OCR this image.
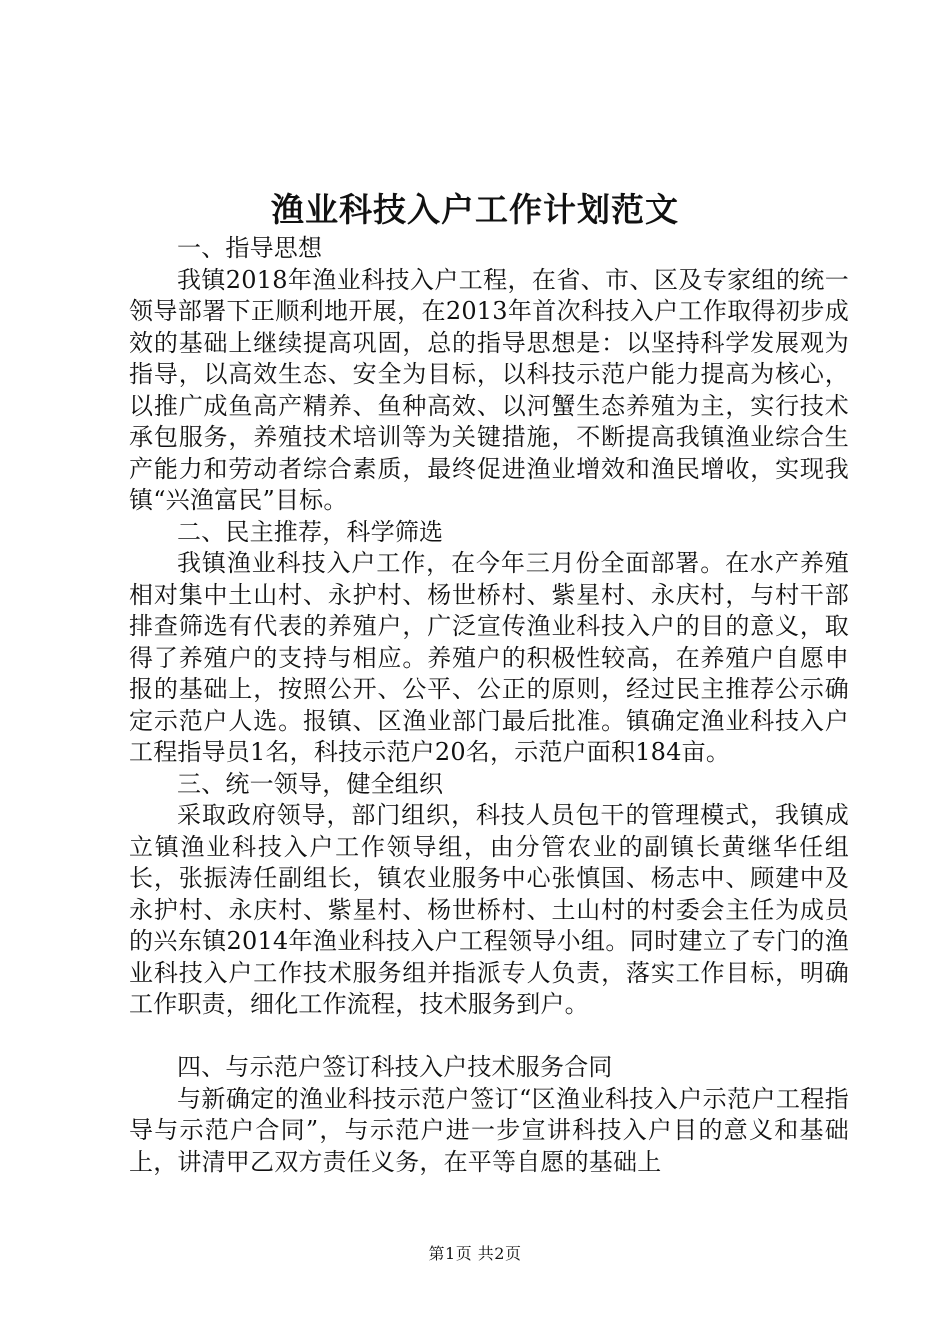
渔业科技入户工作计划范文

一、指导思想

我镇2018年渔业科技入户工程，在省、市、区及专家组的统一领导部署下正顺利地开展，在2013年首次科技入户工作取得初步成效的基础上继续提高巩固，总的指导思想是：以坚持科学发展观为指导，以高效生态、安全为目标，以科技示范户能力提高为核心，以推广成鱼高产精养、鱼种高效、以河蟹生态养殖为主，实行技术承包服务，养殖技术培训等为关键措施，不断提高我镇渔业综合生产能力和劳动者综合素质，最终促进渔业增效和渔民增收，实现我镇“兴渔富民”目标。

二、民主推荐，科学筛选

我镇渔业科技入户工作，在今年三月份全面部署。在水产养殖相对集中土山村、永护村、杨世桥村、紫星村、永庆村，与村干部排查筛选有代表的养殖户，广泛宣传渔业科技入户的目的意义，取得了养殖户的支持与相应。养殖户的积极性较高，在养殖户自愿申报的基础上，按照公开、公平、公正的原则，经过民主推荐公示确定示范户人选。报镇、区渔业部门最后批准。镇确定渔业科技入户工程指导员1名，科技示范户20名，示范户面积184亩。

三、统一领导，健全组织

采取政府领导，部门组织，科技人员包干的管理模式，我镇成立镇渔业科技入户工作领导组，由分管农业的副镇长黄继华任组长，张振涛任副组长，镇农业服务中心张慎国、杨志中、顾建中及永护村、永庆村、紫星村、杨世桥村、土山村的村委会主任为成员的兴东镇2014年渔业科技入户工程领导小组。同时建立了专门的渔业科技入户工作技术服务组并指派专人负责，落实工作目标，明确工作职责，细化工作流程，技术服务到户。

四、与示范户签订科技入户技术服务合同

与新确定的渔业科技示范户签订“区渔业科技入户示范户工程指导与示范户合同”，与示范户进一步宣讲科技入户目的意义和基础上，讲清甲乙双方责任义务，在平等自愿的基础上

第1页 共2页
